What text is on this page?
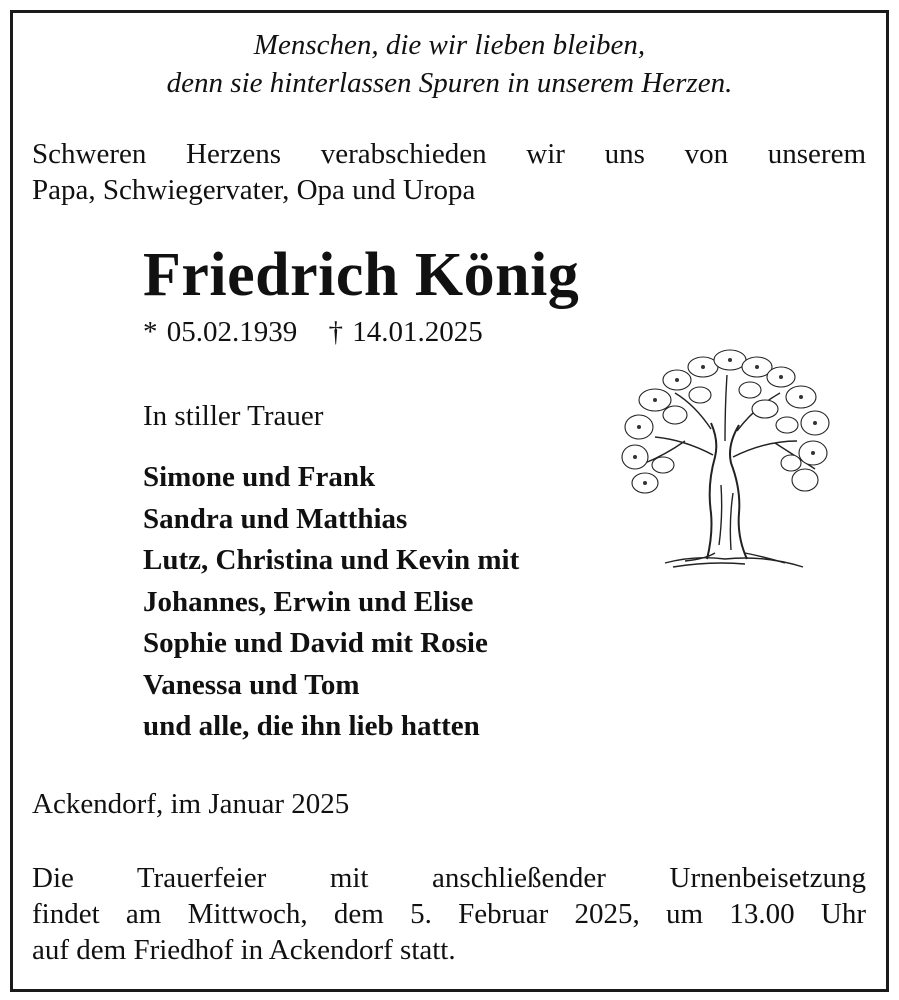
Menschen, die wir lieben bleiben,
denn sie hinterlassen Spuren in unserem Herzen.
Schweren Herzens verabschieden wir uns von unserem
Papa, Schwiegervater, Opa und Uropa
Friedrich König
* 05.02.1939 † 14.01.2025
In stiller Trauer
Simone und Frank
Sandra und Matthias
Lutz, Christina und Kevin mit
Johannes, Erwin und Elise
Sophie und David mit Rosie
Vanessa und Tom
und alle, die ihn lieb hatten
Ackendorf, im Januar 2025
Die Trauerfeier mit anschließender Urnenbeisetzung
findet am Mittwoch, dem 5. Februar 2025, um 13.00 Uhr
auf dem Friedhof in Ackendorf statt.
